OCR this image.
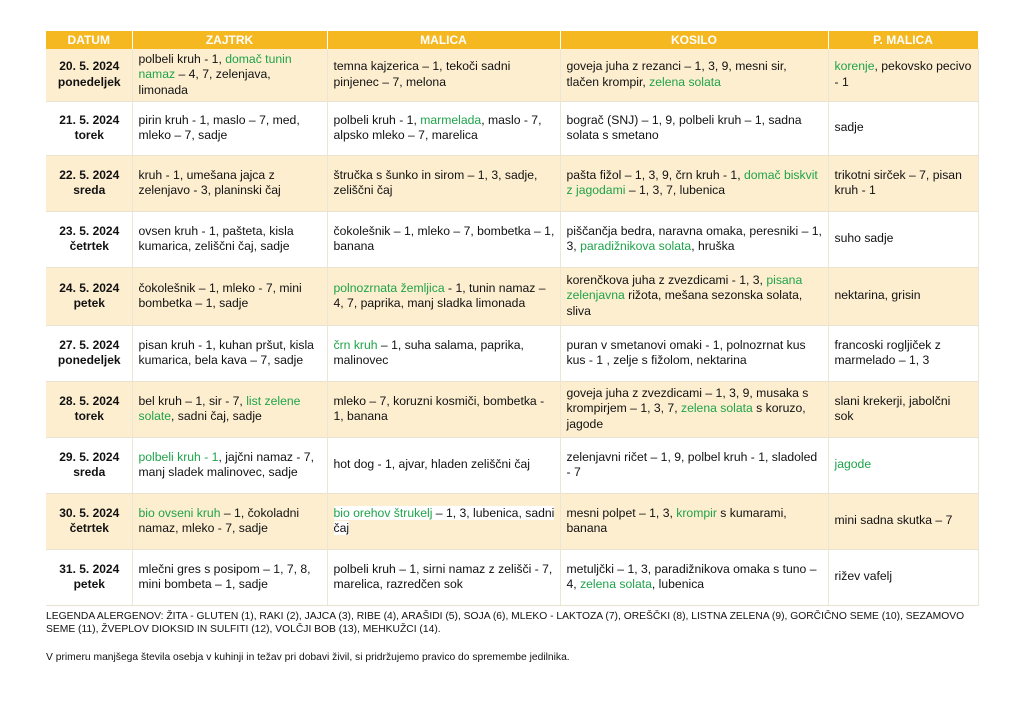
DATUM	ZAJTRK	MALICA	KOSILO	P. MALICA

20. 5. 2024
ponedeljek	polbeli kruh - 1, domač tunin namaz – 4, 7, zelenjava, limonada	temna kajzerica – 1, tekoči sadni pinjenec – 7, melona	goveja juha z rezanci – 1, 3, 9, mesni sir, tlačen krompir, zelena solata	korenje, pekovsko pecivo - 1

21. 5. 2024
torek	pirin kruh - 1, maslo – 7, med, mleko – 7, sadje	polbeli kruh - 1, marmelada, maslo - 7, alpsko mleko – 7, marelica	bograč (SNJ) – 1, 9, polbeli kruh – 1, sadna solata s smetano	sadje

22. 5. 2024
sreda	kruh - 1, umešana jajca z zelenjavo - 3, planinski čaj	štručka s šunko in sirom – 1, 3, sadje, zeliščni čaj	pašta fižol – 1, 3, 9, črn kruh - 1, domač biskvit z jagodami – 1, 3, 7, lubenica	trikotni sirček – 7, pisan kruh - 1

23. 5. 2024
četrtek	ovsen kruh - 1, pašteta, kisla kumarica, zeliščni čaj, sadje	čokolešnik – 1, mleko – 7, bombetka – 1, banana	piščančja bedra, naravna omaka, peresniki – 1, 3, paradižnikova solata, hruška	suho sadje

24. 5. 2024
petek	čokolešnik – 1, mleko - 7, mini bombetka – 1, sadje	polnozrnata žemljica - 1, tunin namaz – 4, 7, paprika, manj sladka limonada	korenčkova juha z zvezdicami - 1, 3, pisana zelenjavna rižota, mešana sezonska solata, sliva	nektarina, grisin

27. 5. 2024
ponedeljek	pisan kruh - 1, kuhan pršut, kisla kumarica, bela kava – 7, sadje	črn kruh – 1, suha salama, paprika, malinovec	puran v smetanovi omaki - 1, polnozrnat kus kus - 1 , zelje s fižolom, nektarina	francoski rogljiček z marmelado – 1, 3

28. 5. 2024
torek	bel kruh – 1, sir - 7, list zelene solate, sadni čaj, sadje	mleko – 7, koruzni kosmiči, bombetka - 1, banana	goveja juha z zvezdicami – 1, 3, 9, musaka s krompirjem – 1, 3, 7, zelena solata s koruzo, jagode	slani krekerji, jabolčni sok

29. 5. 2024
sreda	polbeli kruh - 1, jajčni namaz - 7, manj sladek malinovec, sadje	hot dog - 1, ajvar, hladen zeliščni čaj	zelenjavni ričet – 1, 9, polbel kruh - 1, sladoled - 7	jagode

30. 5. 2024
četrtek	bio ovseni kruh – 1, čokoladni namaz, mleko - 7, sadje	bio orehov štrukelj – 1, 3, lubenica, sadni čaj	mesni polpet – 1, 3, krompir s kumarami, banana	mini sadna skutka – 7

31. 5. 2024
petek	mlečni gres s posipom – 1, 7, 8, mini bombeta – 1, sadje	polbeli kruh – 1, sirni namaz z zelišči - 7, marelica, razredčen sok	metuljčki – 1, 3, paradižnikova omaka s tuno – 4, zelena solata, lubenica	rižev vafelj
LEGENDA ALERGENOV: ŽITA - GLUTEN (1), RAKI (2), JAJCA (3), RIBE (4), ARAŠIDI (5), SOJA (6), MLEKO - LAKTOZA (7), OREŠČKI (8), LISTNA ZELENA (9), GORČIČNO SEME (10), SEZAMOVO SEME (11), ŽVEPLOV DIOKSID IN SULFITI (12), VOLČJI BOB (13), MEHKUŽCI (14).
V primeru manjšega števila osebja v kuhinji in težav pri dobavi živil, si pridržujemo pravico do spremembe jedilnika.
